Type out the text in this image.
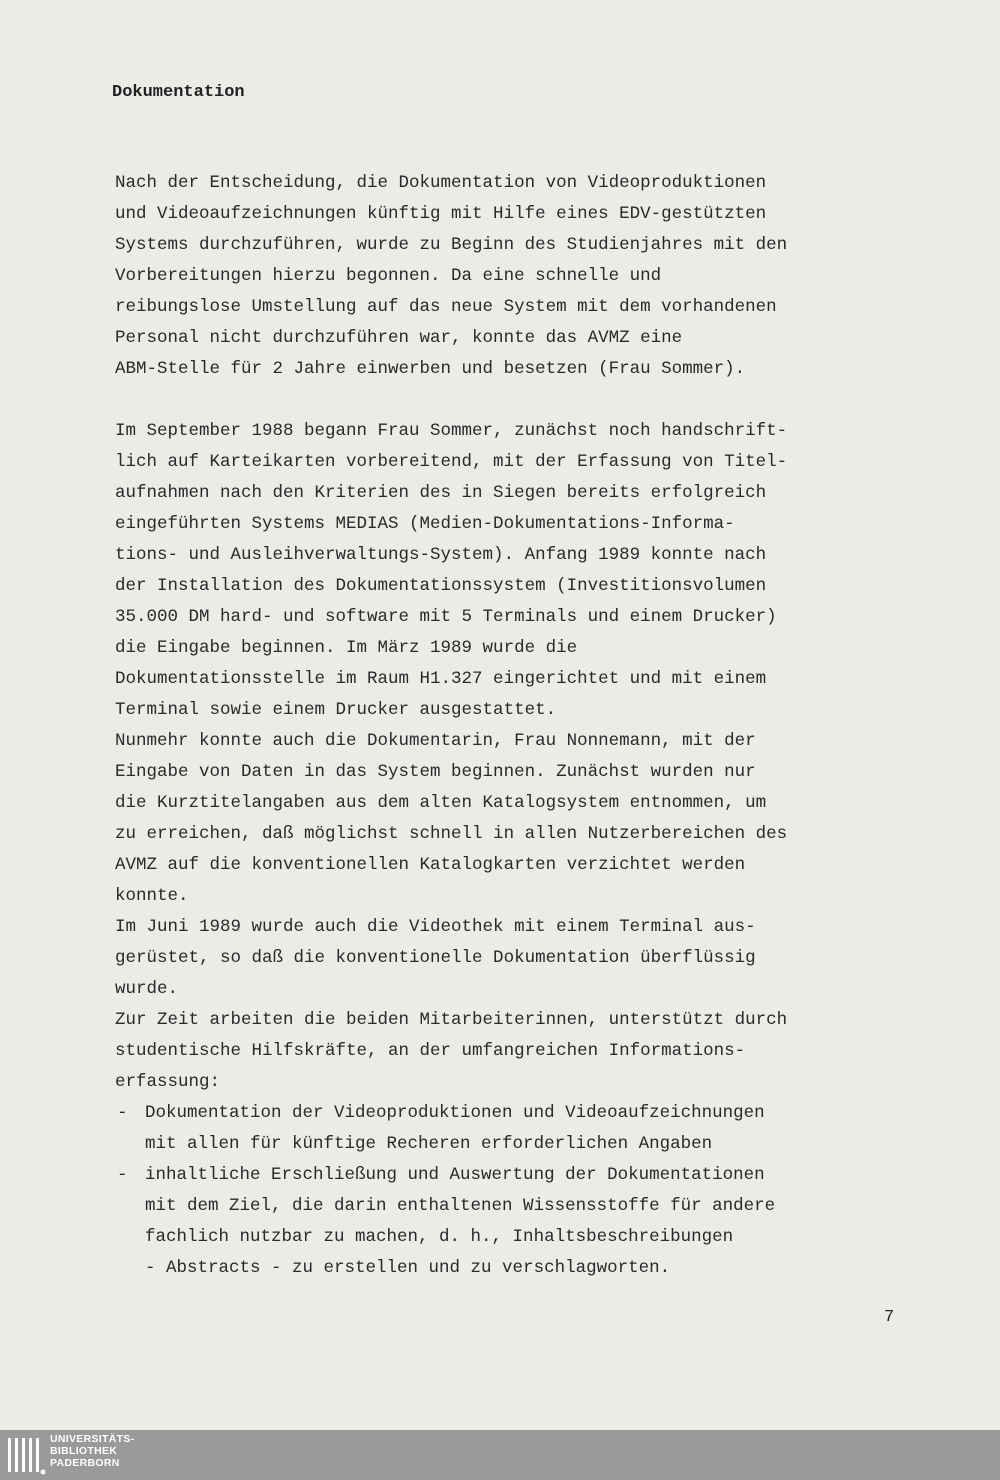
Dokumentation
Nach der Entscheidung, die Dokumentation von Videoproduktionen
und Videoaufzeichnungen künftig mit Hilfe eines EDV-gestützten
Systems durchzuführen, wurde zu Beginn des Studienjahres mit den
Vorbereitungen hierzu begonnen. Da eine schnelle und
reibungslose Umstellung auf das neue System mit dem vorhandenen
Personal nicht durchzuführen war, konnte das AVMZ eine
ABM-Stelle für 2 Jahre einwerben und besetzen (Frau Sommer).
Im September 1988 begann Frau Sommer, zunächst noch handschrift-
lich auf Karteikarten vorbereitend, mit der Erfassung von Titel-
aufnahmen nach den Kriterien des in Siegen bereits erfolgreich
eingeführten Systems MEDIAS (Medien-Dokumentations-Informa-
tions- und Ausleihverwaltungs-System). Anfang 1989 konnte nach
der Installation des Dokumentationssystem (Investitionsvolumen
35.000 DM hard- und software mit 5 Terminals und einem Drucker)
die Eingabe beginnen. Im März 1989 wurde die
Dokumentationsstelle im Raum H1.327 eingerichtet und mit einem
Terminal sowie einem Drucker ausgestattet.
Nunmehr konnte auch die Dokumentarin, Frau Nonnemann, mit der
Eingabe von Daten in das System beginnen. Zunächst wurden nur
die Kurztitelangaben aus dem alten Katalogsystem entnommen, um
zu erreichen, daß möglichst schnell in allen Nutzerbereichen des
AVMZ auf die konventionellen Katalogkarten verzichtet werden
konnte.
Im Juni 1989 wurde auch die Videothek mit einem Terminal aus-
gerüstet, so daß die konventionelle Dokumentation überflüssig
wurde.
Zur Zeit arbeiten die beiden Mitarbeiterinnen, unterstützt durch
studentische Hilfskräfte, an der umfangreichen Informations-
erfassung:
- Dokumentation der Videoproduktionen und Videoaufzeichnungen
mit allen für künftige Recheren erforderlichen Angaben
- inhaltliche Erschließung und Auswertung der Dokumentationen
mit dem Ziel, die darin enthaltenen Wissensstoffe für andere
fachlich nutzbar zu machen, d. h., Inhaltsbeschreibungen
- Abstracts - zu erstellen und zu verschlagworten.
7
UNIVERSITÄTS-
BIBLIOTHEK
PADERBORN
